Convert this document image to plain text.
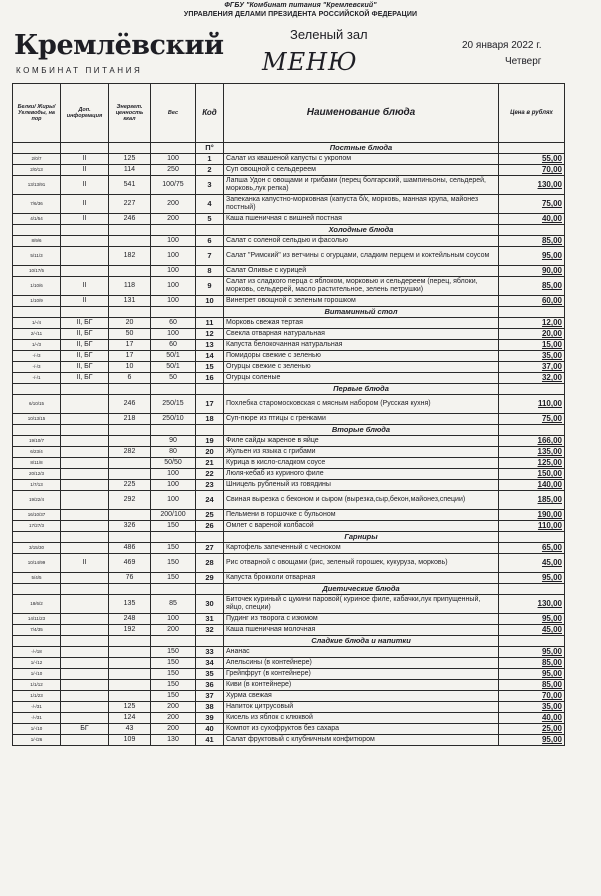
ФГБУ "Комбинат питания "Кремлевский"
УПРАВЛЕНИЯ ДЕЛАМИ ПРЕЗИДЕНТА РОССИЙСКОЙ ФЕДЕРАЦИИ
Кремлёвский
КОМБИНАТ ПИТАНИЯ
Зеленый зал
МЕНЮ
20 января 2022 г.
Четверг
Белки/ Жиры/ Углеводы, на пор	Доп. информация	Энергет. ценность ккал	Вес	Код	Наименование блюда	Цена в рублях
				П°	Постные блюда	
2/0/7	II	125	100	1	Салат из квашеной капусты с укропом	55,00
2/0/13	II	114	250	2	Суп овощной с сельдереем	70,00
13/13/91	II	541	100/75	3	Лапша Удон с овощами и грибами (перец болгарский, шампиньоны, сельдерей, морковь,лук репка)	130,00
7/6/36	II	227	200	4	Запеканка капустно-морковная (капуста б/к, морковь, манная крупа, майонез постный)	75,00
4/1/54	II	246	200	5	Каша пшеничная с вишней постная	40,00
					Холодные блюда	
8/9/6			100	6	Салат с соленой сельдью и фасолью	85,00
5/11/3		182	100	7	Салат "Римский" из ветчины с огурцами, сладким перцем и коктейльным соусом	95,00
10/17/5			100	8	Салат Оливье с курицей	90,00
1/10/6	II	118	100	9	Салат из сладкого перца с яблоком, морковью и сельдереем (перец, яблоки, морковь, сельдерей, масло растительное, зелень петрушки)	85,00
1/10/9	II	131	100	10	Винегрет овощной с зеленым горошком	60,00
					Витаминный стол	
1/-/4	II, БГ	20	60	11	Морковь свежая тертая	12,00
2/-/11	II, БГ	50	100	12	Свекла отварная натуральная	20,00
1/-/3	II, БГ	17	60	13	Капуста белокочанная натуральная	15,00
-/-/3	II, БГ	17	50/1	14	Помидоры свежие с зеленью	35,00
-/-/3	II, БГ	10	50/1	15	Огурцы свежие с зеленью	37,00
-/-/1	II, БГ	6	50	16	Огурцы соленые	32,00
					Первые блюда	
6/10/15		246	250/15	17	Похлебка старомосковская с мясным набором (Русская кухня)	110,00
10/13/15		218	250/10	18	Суп-пюре из птицы с гренками	75,00
					Вторые блюда	
19/10/7			90	19	Филе сайды жареное в яйце	166,00
6/23/4		282	80	20	Жульен из языка с грибами	135,00
8/11/8			50/50	21	Курица в кисло-сладком соусе	125,00
20/12/3			100	22	Люля-кебаб из куриного филе	150,00
1/7/13		225	100	23	Шницель рубленый из говядины	140,00
19/22/4		292	100	24	Свиная вырезка с беконом и сыром (вырезка,сыр,бекон,майонез,специи)	185,00
16/10/37			200/100	25	Пельмени в горшочке с бульоном	190,00
17/27/3		326	150	26	Омлет с вареной колбасой	110,00
					Гарниры	
3/15/30		486	150	27	Картофель запеченный с чесноком	65,00
10/14/99	II	469	150	28	Рис отварной с овощами (рис, зеленый горошек, кукуруза, морковь)	45,00
5/4/5		76	150	29	Капуста брокколи отварная	95,00
					Диетические блюда	
18/6/2		135	85	30	Биточек куриный с цукини паровой( куриное филе, кабачки,лук припущенный, яйцо, специи)	130,00
14/11/23		248	100	31	Пудинг из творога с изюмом	95,00
7/4/35		192	200	32	Каша пшеничная молочная	45,00
					Сладкие блюда и напитки	
-/-/18			150	33	Ананас	95,00
1/-/12			150	34	Апельсины (в контейнере)	85,00
1/-/10			150	35	Грейпфрут (в контейнере)	95,00
1/1/12			150	36	Киви (в контейнере)	85,00
1/1/23			150	37	Хурма свежая	70,00
-/-/31		125	200	38	Напиток цитрусовый	35,00
-/-/31		124	200	39	Кисель из яблок с клюквой	40,00
1/-/10	БГ	43	200	40	Компот из сухофруктов без сахара	25,00
1/-/26		109	130	41	Салат фруктовый с клубничным конфитюром	95,00
